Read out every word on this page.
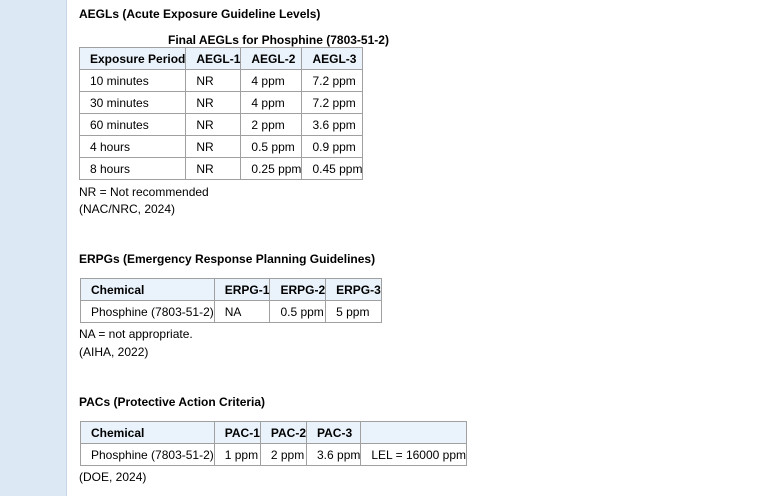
AEGLs (Acute Exposure Guideline Levels)
Final AEGLs for Phosphine (7803-51-2)
Exposure Period	AEGL-1	AEGL-2	AEGL-3
10 minutes	NR	4 ppm	7.2 ppm
30 minutes	NR	4 ppm	7.2 ppm
60 minutes	NR	2 ppm	3.6 ppm
4 hours	NR	0.5 ppm	0.9 ppm
8 hours	NR	0.25 ppm	0.45 ppm
NR = Not recommended
(NAC/NRC, 2024)
ERPGs (Emergency Response Planning Guidelines)
Chemical	ERPG-1	ERPG-2	ERPG-3
Phosphine (7803-51-2)	NA	0.5 ppm	5 ppm
NA = not appropriate.
(AIHA, 2022)
PACs (Protective Action Criteria)
Chemical	PAC-1	PAC-2	PAC-3	
Phosphine (7803-51-2)	1 ppm	2 ppm	3.6 ppm	LEL = 16000 ppm
(DOE, 2024)
